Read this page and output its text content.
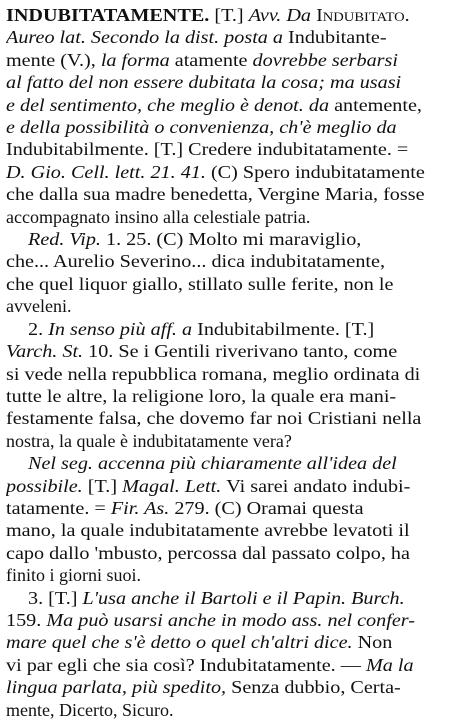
INDUBITATAMENTE. [T.] Avv. Da Indubitato.
Aureo lat. Secondo la dist. posta a Indubitante-
mente (V.), la forma atamente dovrebbe serbarsi
al fatto del non essere dubitata la cosa; ma usasi
e del sentimento, che meglio è denot. da antemente,
e della possibilità o convenienza, ch'è meglio da
Indubitabilmente. [T.] Credere indubitatamente. =
D. Gio. Cell. lett. 21. 41. (C) Spero indubitatamente
che dalla sua madre benedetta, Vergine Maria, fosse
accompagnato insino alla celestiale patria.
Red. Vip. 1. 25. (C) Molto mi maraviglio,
che... Aurelio Severino... dica indubitatamente,
che quel liquor giallo, stillato sulle ferite, non le
avveleni.
2. In senso più aff. a Indubitabilmente. [T.]
Varch. St. 10. Se i Gentili riverivano tanto, come
si vede nella repubblica romana, meglio ordinata di
tutte le altre, la religione loro, la quale era mani-
festamente falsa, che dovemo far noi Cristiani nella
nostra, la quale è indubitatamente vera?
Nel seg. accenna più chiaramente all'idea del
possibile. [T.] Magal. Lett. Vi sarei andato indubi-
tatamente. = Fir. As. 279. (C) Oramai questa
mano, la quale indubitatamente avrebbe levatoti il
capo dallo 'mbusto, percossa dal passato colpo, ha
finito i giorni suoi.
3. [T.] L'usa anche il Bartoli e il Papin. Burch.
159. Ma può usarsi anche in modo ass. nel confer-
mare quel che s'è detto o quel ch'altri dice. Non
vi par egli che sia così? Indubitatamente. — Ma la
lingua parlata, più spedito, Senza dubbio, Certa-
mente, Dicerto, Sicuro.
